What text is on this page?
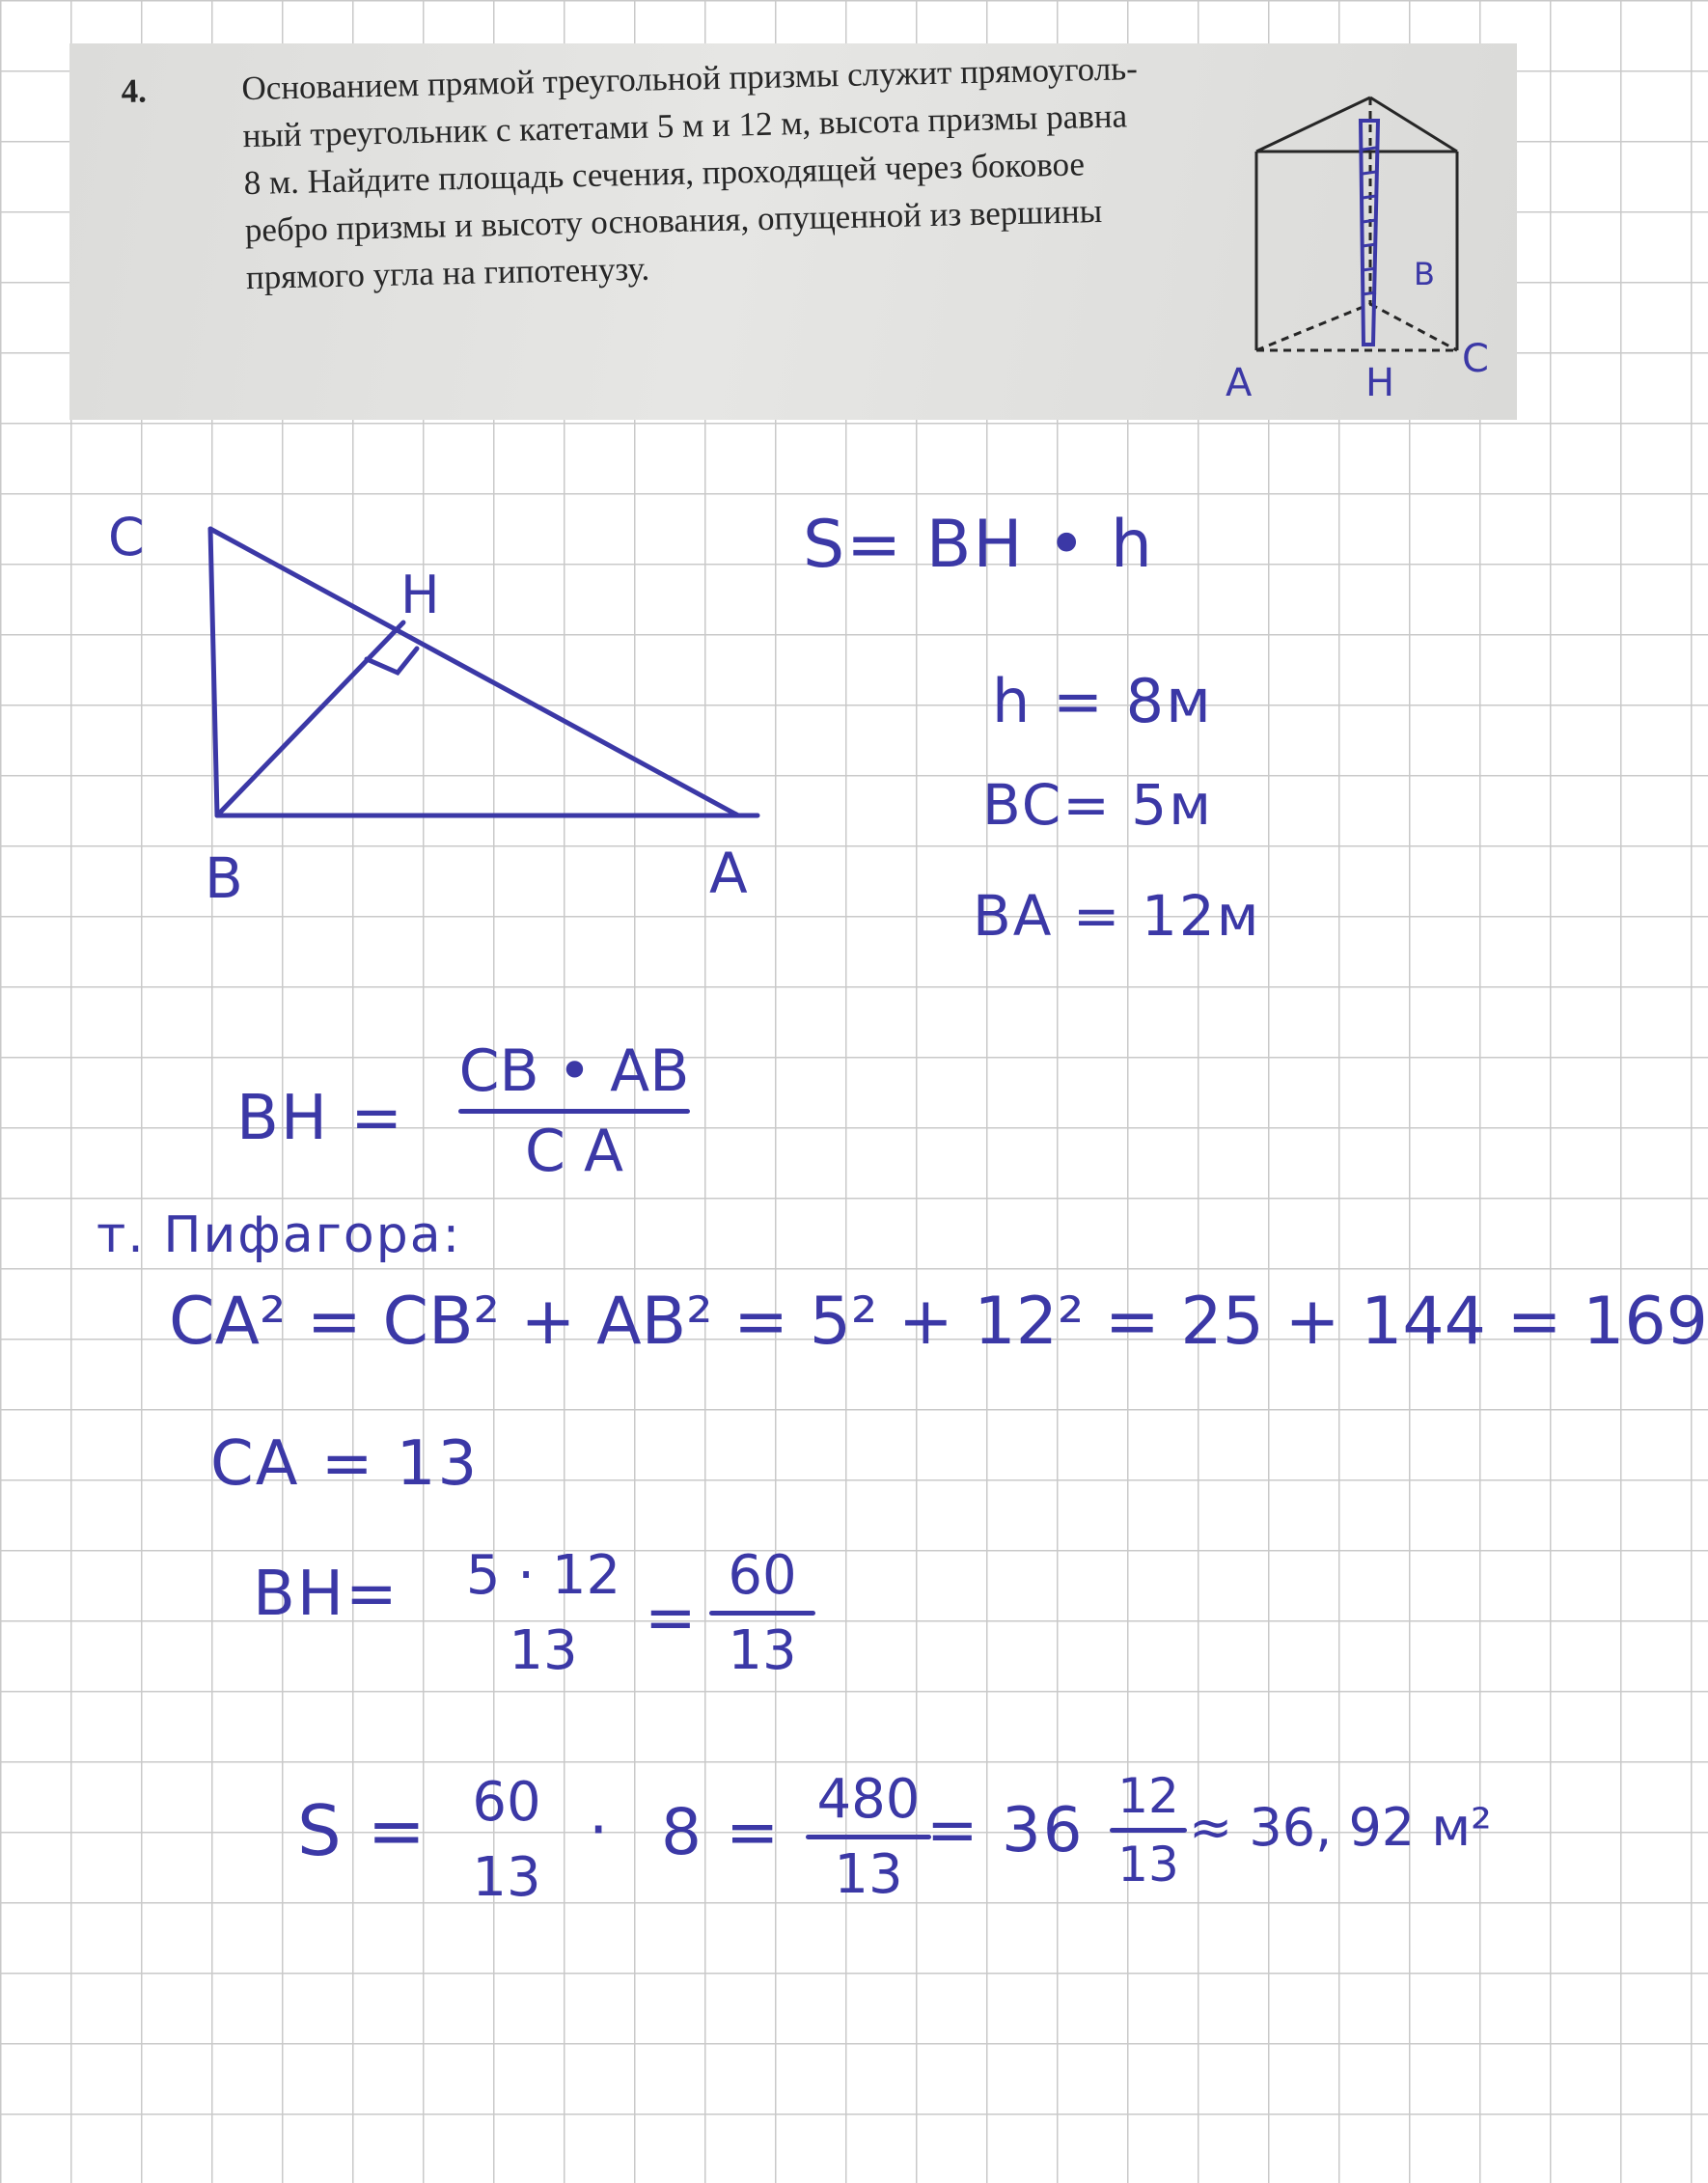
4.	Основанием прямой треугольной призмы служит прямоуголь-
ный треугольник с катетами 5 м и 12 м, высота призмы равна
8 м. Найдите площадь сечения, проходящей через боковое
ребро призмы и высоту основания, опущенной из вершины
прямого угла на гипотенузу.	B
A	H
C
C
H
B	A
S= BH • h
h = 8м
BC= 5м
BA = 12м
BH =
CB • AB
C A
т. Пифагора:
CA² = CB² + AB² = 5² + 12² = 25 + 144 = 169
CA = 13
BH= 5 · 12
13	=
60
13
S = 60
13
· 8 = 480
13
= 36 12
13
≈ 36, 92 м²
